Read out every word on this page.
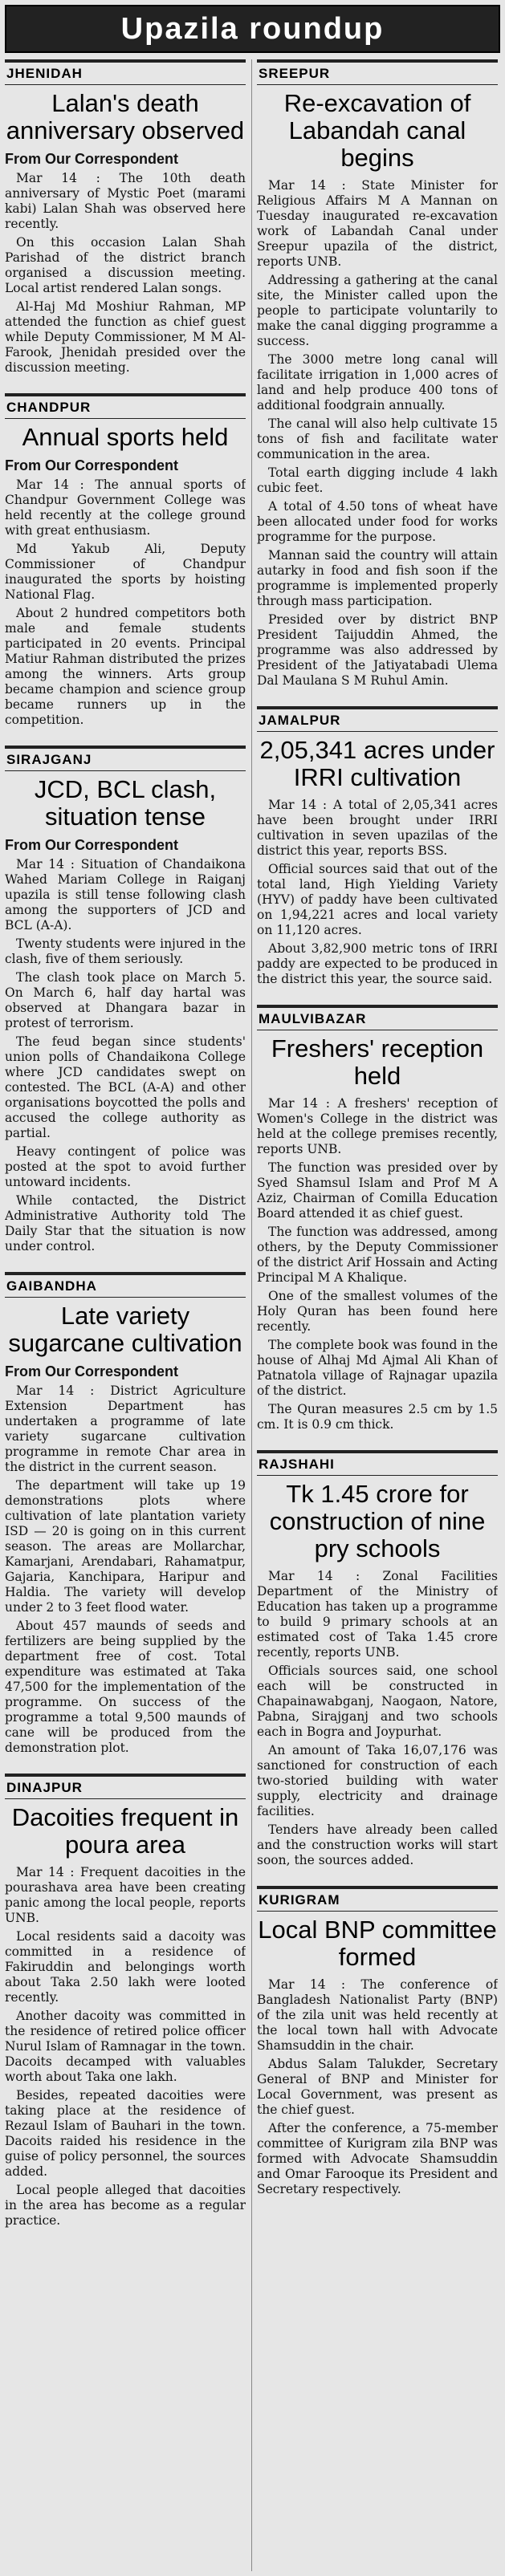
Upazila roundup
JHENIDAH
Lalan's death anniversary observed
From Our Correspondent

Mar 14 : The 10th death anniversary of Mystic Poet (marami kabi) Lalan Shah was observed here recently.

On this occasion Lalan Shah Parishad of the district branch organised a discussion meeting. Local artist rendered Lalan songs.

Al-Haj Md Moshiur Rahman, MP attended the function as chief guest while Deputy Commissioner, M M Al-Farook, Jhenidah presided over the discussion meeting.

CHANDPUR
Annual sports held
From Our Correspondent

Mar 14 : The annual sports of Chandpur Government College was held recently at the college ground with great enthusiasm.

Md Yakub Ali, Deputy Commissioner of Chandpur inaugurated the sports by hoisting National Flag.

About 2 hundred competitors both male and female students participated in 20 events. Principal Matiur Rahman distributed the prizes among the winners. Arts group became champion and science group became runners up in the competition.

SIRAJGANJ
JCD, BCL clash, situation tense
From Our Correspondent

Mar 14 : Situation of Chandaikona Wahed Mariam College in Raiganj upazila is still tense following clash among the supporters of JCD and BCL (A-A).

Twenty students were injured in the clash, five of them seriously.

The clash took place on March 5. On March 6, half day hartal was observed at Dhangara bazar in protest of terrorism.

The feud began since students' union polls of Chandaikona College where JCD candidates swept on contested. The BCL (A-A) and other organisations boycotted the polls and accused the college authority as partial.

Heavy contingent of police was posted at the spot to avoid further untoward incidents.

While contacted, the District Administrative Authority told The Daily Star that the situation is now under control.

GAIBANDHA
Late variety sugarcane cultivation
From Our Correspondent

Mar 14 : District Agriculture Extension Department has undertaken a programme of late variety sugarcane cultivation programme in remote Char area in the district in the current season.

The department will take up 19 demonstrations plots where cultivation of late plantation variety ISD — 20 is going on in this current season. The areas are Mollarchar, Kamarjani, Arendabari, Rahamatpur, Gajaria, Kanchipara, Haripur and Haldia. The variety will develop under 2 to 3 feet flood water.

About 457 maunds of seeds and fertilizers are being supplied by the department free of cost. Total expenditure was estimated at Taka 47,500 for the implementation of the programme. On success of the programme a total 9,500 maunds of cane will be produced from the demonstration plot.

DINAJPUR
Dacoities frequent in poura area

Mar 14 : Frequent dacoities in the pourashava area have been creating panic among the local people, reports UNB.

Local residents said a dacoity was committed in a residence of Fakiruddin and belongings worth about Taka 2.50 lakh were looted recently.

Another dacoity was committed in the residence of retired police officer Nurul Islam of Ramnagar in the town. Dacoits decamped with valuables worth about Taka one lakh.

Besides, repeated dacoities were taking place at the residence of Rezaul Islam of Bauhari in the town. Dacoits raided his residence in the guise of policy personnel, the sources added.

Local people alleged that dacoities in the area has become as a regular practice.

SREEPUR
Re-excavation of Labandah canal begins

Mar 14 : State Minister for Religious Affairs M A Mannan on Tuesday inaugurated re-excavation work of Labandah Canal under Sreepur upazila of the district, reports UNB.

Addressing a gathering at the canal site, the Minister called upon the people to participate voluntarily to make the canal digging programme a success.

The 3000 metre long canal will facilitate irrigation in 1,000 acres of land and help produce 400 tons of additional foodgrain annually.

The canal will also help cultivate 15 tons of fish and facilitate water communication in the area.

Total earth digging include 4 lakh cubic feet.

A total of 4.50 tons of wheat have been allocated under food for works programme for the purpose.

Mannan said the country will attain autarky in food and fish soon if the programme is implemented properly through mass participation.

Presided over by district BNP President Taijuddin Ahmed, the programme was also addressed by President of the Jatiyatabadi Ulema Dal Maulana S M Ruhul Amin.

JAMALPUR
2,05,341 acres under IRRI cultivation

Mar 14 : A total of 2,05,341 acres have been brought under IRRI cultivation in seven upazilas of the district this year, reports BSS.

Official sources said that out of the total land, High Yielding Variety (HYV) of paddy have been cultivated on 1,94,221 acres and local variety on 11,120 acres.

About 3,82,900 metric tons of IRRI paddy are expected to be produced in the district this year, the source said.

MAULVIBAZAR
Freshers' reception held

Mar 14 : A freshers' reception of Women's College in the district was held at the college premises recently, reports UNB.

The function was presided over by Syed Shamsul Islam and Prof M A Aziz, Chairman of Comilla Education Board attended it as chief guest.

The function was addressed, among others, by the Deputy Commissioner of the district Arif Hossain and Acting Principal M A Khalique.

One of the smallest volumes of the Holy Quran has been found here recently.

The complete book was found in the house of Alhaj Md Ajmal Ali Khan of Patnatola village of Rajnagar upazila of the district.

The Quran measures 2.5 cm by 1.5 cm. It is 0.9 cm thick.

RAJSHAHI
Tk 1.45 crore for construction of nine pry schools

Mar 14 : Zonal Facilities Department of the Ministry of Education has taken up a programme to build 9 primary schools at an estimated cost of Taka 1.45 crore recently, reports UNB.

Officials sources said, one school each will be constructed in Chapainawabganj, Naogaon, Natore, Pabna, Sirajganj and two schools each in Bogra and Joypurhat.

An amount of Taka 16,07,176 was sanctioned for construction of each two-storied building with water supply, electricity and drainage facilities.

Tenders have already been called and the construction works will start soon, the sources added.

KURIGRAM
Local BNP committee formed

Mar 14 : The conference of Bangladesh Nationalist Party (BNP) of the zila unit was held recently at the local town hall with Advocate Shamsuddin in the chair.

Abdus Salam Talukder, Secretary General of BNP and Minister for Local Government, was present as the chief guest.

After the conference, a 75-member committee of Kurigram zila BNP was formed with Advocate Shamsuddin and Omar Farooque its President and Secretary respectively.
